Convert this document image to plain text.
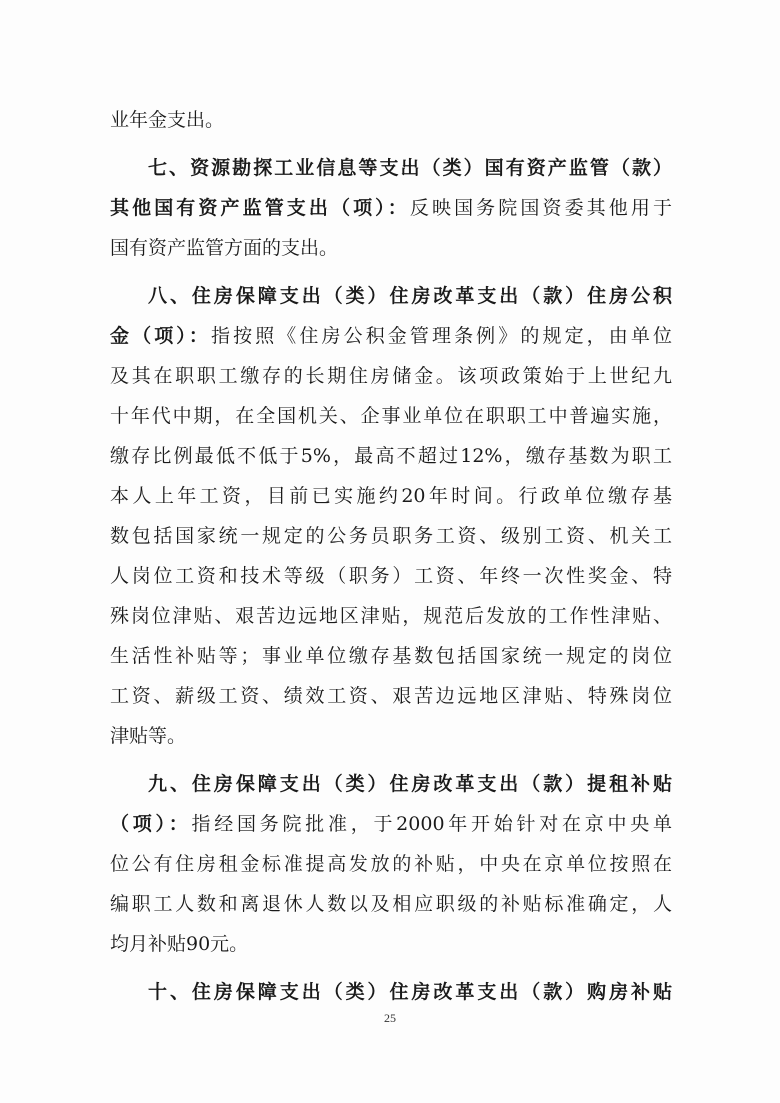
业年金支出。
七、资源勘探工业信息等支出（类）国有资产监管（款）
其他国有资产监管支出（项）：反映国务院国资委其他用于
国有资产监管方面的支出。
八、住房保障支出（类）住房改革支出（款）住房公积
金（项）：指按照《住房公积金管理条例》的规定，由单位
及其在职职工缴存的长期住房储金。该项政策始于上世纪九
十年代中期，在全国机关、企事业单位在职职工中普遍实施，
缴存比例最低不低于5%，最高不超过12%，缴存基数为职工
本人上年工资，目前已实施约20年时间。行政单位缴存基
数包括国家统一规定的公务员职务工资、级别工资、机关工
人岗位工资和技术等级（职务）工资、年终一次性奖金、特
殊岗位津贴、艰苦边远地区津贴，规范后发放的工作性津贴、
生活性补贴等；事业单位缴存基数包括国家统一规定的岗位
工资、薪级工资、绩效工资、艰苦边远地区津贴、特殊岗位
津贴等。
九、住房保障支出（类）住房改革支出（款）提租补贴
（项）：指经国务院批准，于2000年开始针对在京中央单
位公有住房租金标准提高发放的补贴，中央在京单位按照在
编职工人数和离退休人数以及相应职级的补贴标准确定，人
均月补贴90元。
十、住房保障支出（类）住房改革支出（款）购房补贴
25
